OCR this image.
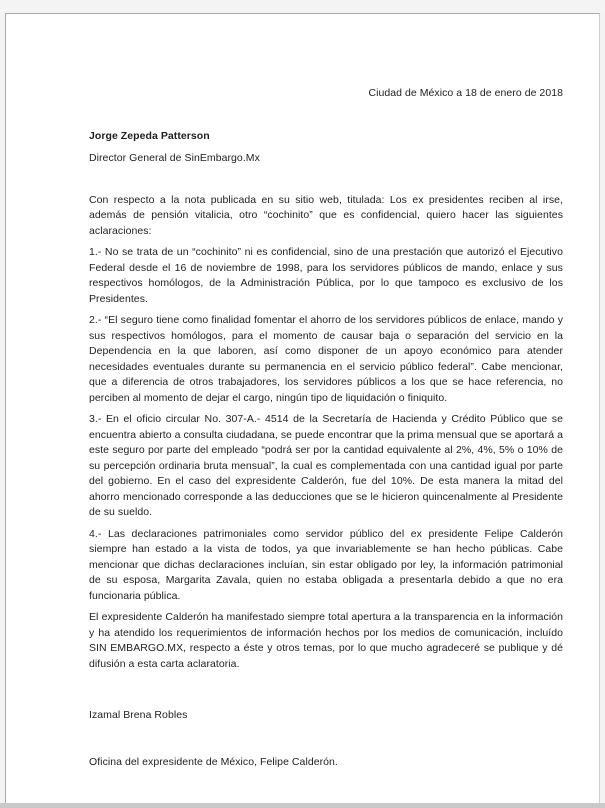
Ciudad de México a 18 de enero de 2018
Jorge Zepeda Patterson
Director General de SinEmbargo.Mx

Con respecto a la nota publicada en su sitio web, titulada: Los ex presidentes reciben al irse, además de pensión vitalicia, otro “cochinito” que es confidencial, quiero hacer las siguientes aclaraciones:

1.- No se trata de un “cochinito” ni es confidencial, sino de una prestación que autorizó el Ejecutivo Federal desde el 16 de noviembre de 1998, para los servidores públicos de mando, enlace y sus respectivos homólogos, de la Administración Pública, por lo que tampoco es exclusivo de los Presidentes.

2.- “El seguro tiene como finalidad fomentar el ahorro de los servidores públicos de enlace, mando y sus respectivos homólogos, para el momento de causar baja o separación del servicio en la Dependencia en la que laboren, así como disponer de un apoyo económico para atender necesidades eventuales durante su permanencia en el servicio público federal”. Cabe mencionar, que a diferencia de otros trabajadores, los servidores públicos a los que se hace referencia, no perciben al momento de dejar el cargo, ningún tipo de liquidación o finiquito.

3.- En el oficio circular No. 307-A.- 4514 de la Secretaría de Hacienda y Crédito Público que se encuentra abierto a consulta ciudadana, se puede encontrar que la prima mensual que se aportará a este seguro por parte del empleado “podrá ser por la cantidad equivalente al 2%, 4%, 5% o 10% de su percepción ordinaria bruta mensual”, la cual es complementada con una cantidad igual por parte del gobierno. En el caso del expresidente Calderón, fue del 10%. De esta manera la mitad del ahorro mencionado corresponde a las deducciones que se le hicieron quincenalmente al Presidente de su sueldo.

4.- Las declaraciones patrimoniales como servidor público del ex presidente Felipe Calderón siempre han estado a la vista de todos, ya que invariablemente se han hecho públicas. Cabe mencionar que dichas declaraciones incluían, sin estar obligado por ley, la información patrimonial de su esposa, Margarita Zavala, quien no estaba obligada a presentarla debido a que no era funcionaria pública.

El expresidente Calderón ha manifestado siempre total apertura a la transparencia en la información y ha atendido los requerimientos de información hechos por los medios de comunicación, incluído SIN EMBARGO.MX, respecto a éste y otros temas, por lo que mucho agradeceré se publique y dé difusión a esta carta aclaratoria.

Izamal Brena Robles
Oficina del expresidente de México, Felipe Calderón.
